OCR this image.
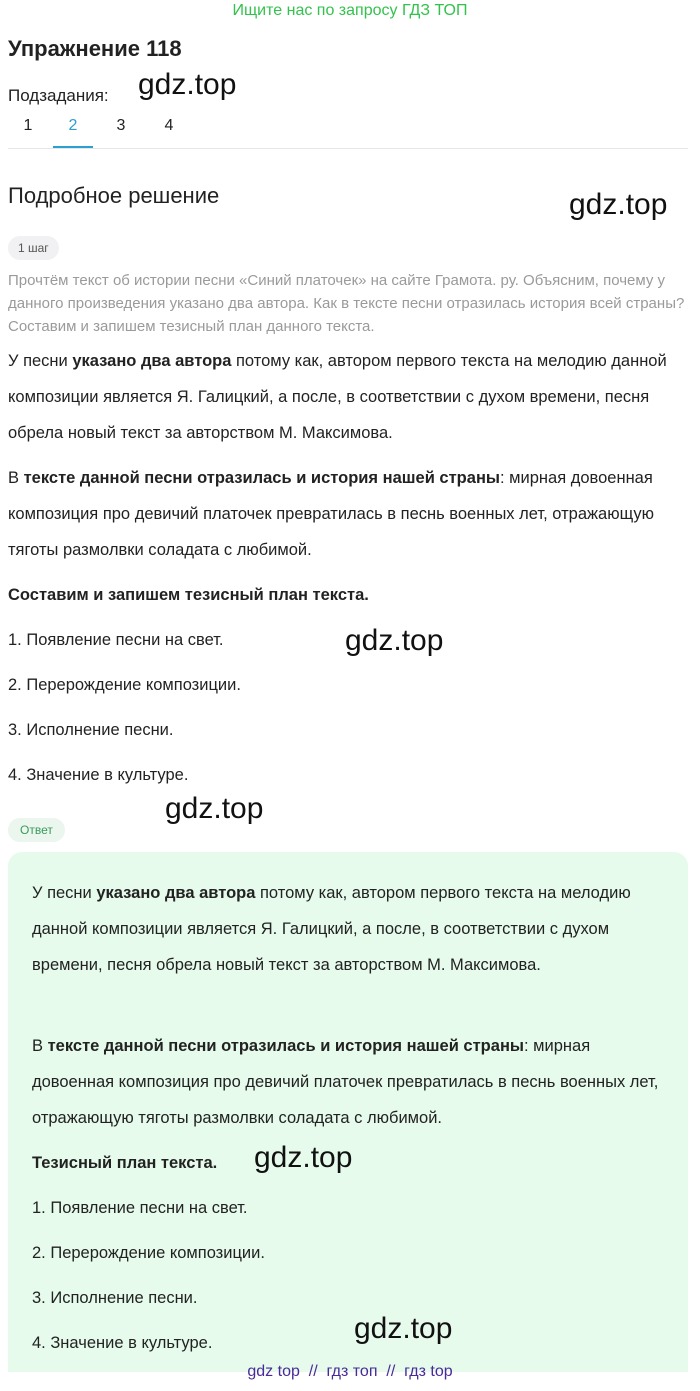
Ищите нас по запросу ГДЗ ТОП
Упражнение 118
Подзадания: gdz.top
1	2	3	4
Подробное решение	gdz.top
1 шаг
Прочтём текст об истории песни «Синий платочек» на сайте Грамота. ру. Объясним, почему у данного произведения указано два автора. Как в тексте песни отразилась история всей страны? Составим и запишем тезисный план данного текста.

У песни указано два автора потому как, автором первого текста на мелодию данной композиции является Я. Галицкий, а после, в соответствии с духом времени, песня обрела новый текст за авторством М. Максимова.

В тексте данной песни отразилась и история нашей страны: мирная довоенная композиция про девичий платочек превратилась в песнь военных лет, отражающую тяготы размолвки соладата с любимой.

Составим и запишем тезисный план текста.

1. Появление песни на свет.

2. Перерождение композиции.

3. Исполнение песни.

4. Значение в культуре.

gdz.top
gdz.top
Ответ

У песни указано два автора потому как, автором первого текста на мелодию данной композиции является Я. Галицкий, а после, в соответствии с духом времени, песня обрела новый текст за авторством М. Максимова.

В тексте данной песни отразилась и история нашей страны: мирная довоенная композиция про девичий платочек превратилась в песнь военных лет, отражающую тяготы размолвки соладата с любимой.

Тезисный план текста.	gdz.top

1. Появление песни на свет.

2. Перерождение композиции.

3. Исполнение песни.

4. Значение в культуре.	gdz.top
gdz top  //  гдз топ  //  гдз top
